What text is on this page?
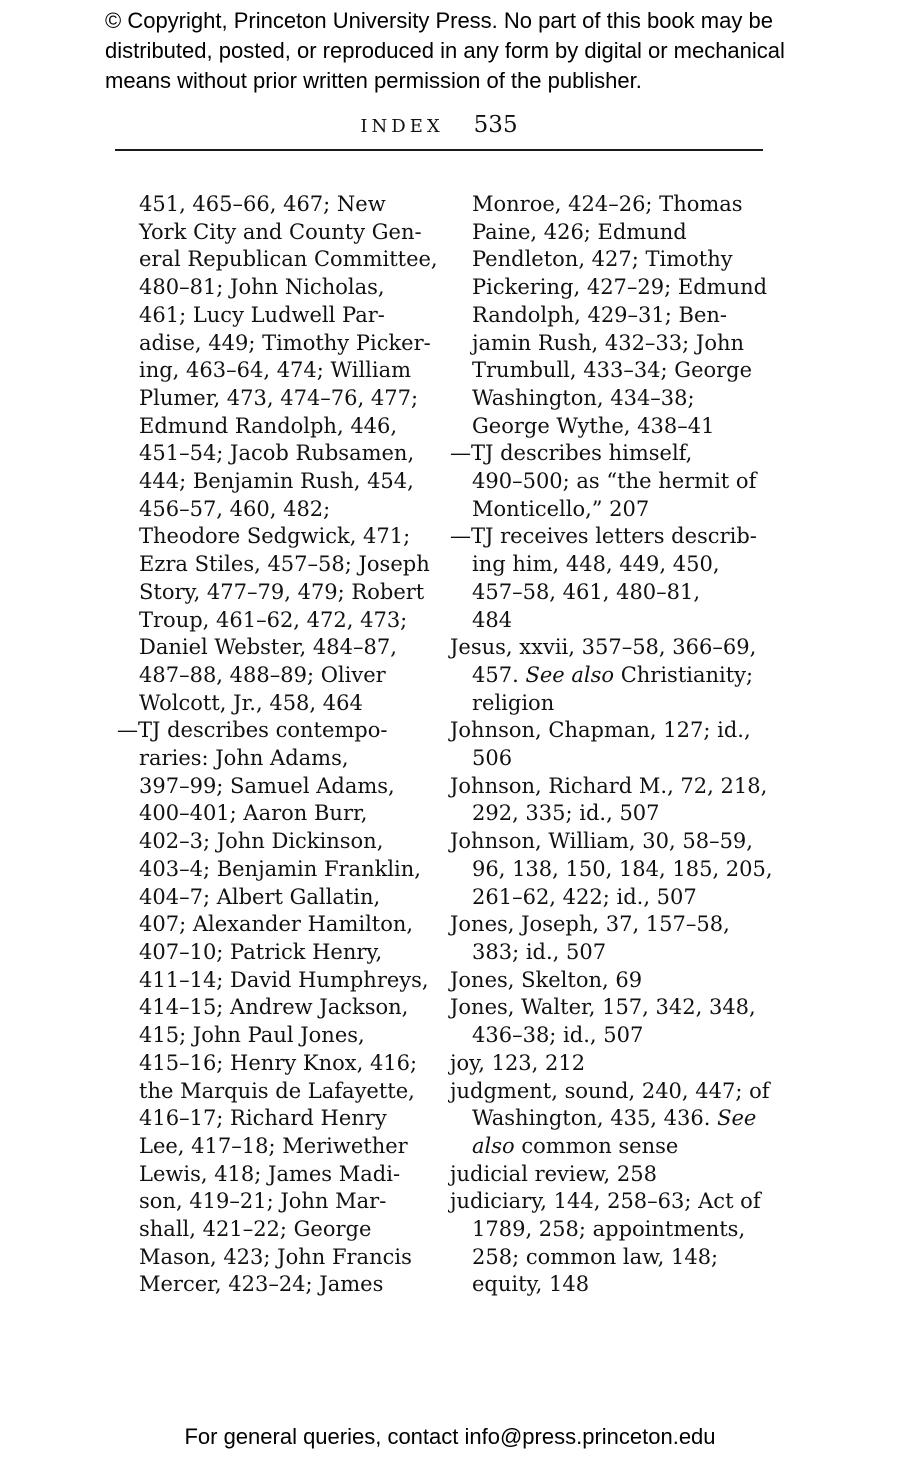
© Copyright, Princeton University Press. No part of this book may be
distributed, posted, or reproduced in any form by digital or mechanical
means without prior written permission of the publisher.
INDEX 535
451, 465–66, 467; New
York City and County Gen-
eral Republican Committee,
480–81; John Nicholas,
461; Lucy Ludwell Par-
adise, 449; Timothy Picker-
ing, 463–64, 474; William
Plumer, 473, 474–76, 477;
Edmund Randolph, 446,
451–54; Jacob Rubsamen,
444; Benjamin Rush, 454,
456–57, 460, 482;
Theodore Sedgwick, 471;
Ezra Stiles, 457–58; Joseph
Story, 477–79, 479; Robert
Troup, 461–62, 472, 473;
Daniel Webster, 484–87,
487–88, 488–89; Oliver
Wolcott, Jr., 458, 464
—TJ describes contempo-
raries: John Adams,
397–99; Samuel Adams,
400–401; Aaron Burr,
402–3; John Dickinson,
403–4; Benjamin Franklin,
404–7; Albert Gallatin,
407; Alexander Hamilton,
407–10; Patrick Henry,
411–14; David Humphreys,
414–15; Andrew Jackson,
415; John Paul Jones,
415–16; Henry Knox, 416;
the Marquis de Lafayette,
416–17; Richard Henry
Lee, 417–18; Meriwether
Lewis, 418; James Madi-
son, 419–21; John Mar-
shall, 421–22; George
Mason, 423; John Francis
Mercer, 423–24; James
Monroe, 424–26; Thomas
Paine, 426; Edmund
Pendleton, 427; Timothy
Pickering, 427–29; Edmund
Randolph, 429–31; Ben-
jamin Rush, 432–33; John
Trumbull, 433–34; George
Washington, 434–38;
George Wythe, 438–41
—TJ describes himself,
490–500; as “the hermit of
Monticello,” 207
—TJ receives letters describ-
ing him, 448, 449, 450,
457–58, 461, 480–81,
484
Jesus, xxvii, 357–58, 366–69,
457. See also Christianity;
religion
Johnson, Chapman, 127; id.,
506
Johnson, Richard M., 72, 218,
292, 335; id., 507
Johnson, William, 30, 58–59,
96, 138, 150, 184, 185, 205,
261–62, 422; id., 507
Jones, Joseph, 37, 157–58,
383; id., 507
Jones, Skelton, 69
Jones, Walter, 157, 342, 348,
436–38; id., 507
joy, 123, 212
judgment, sound, 240, 447; of
Washington, 435, 436. See
also common sense
judicial review, 258
judiciary, 144, 258–63; Act of
1789, 258; appointments,
258; common law, 148;
equity, 148
For general queries, contact info@press.princeton.edu
